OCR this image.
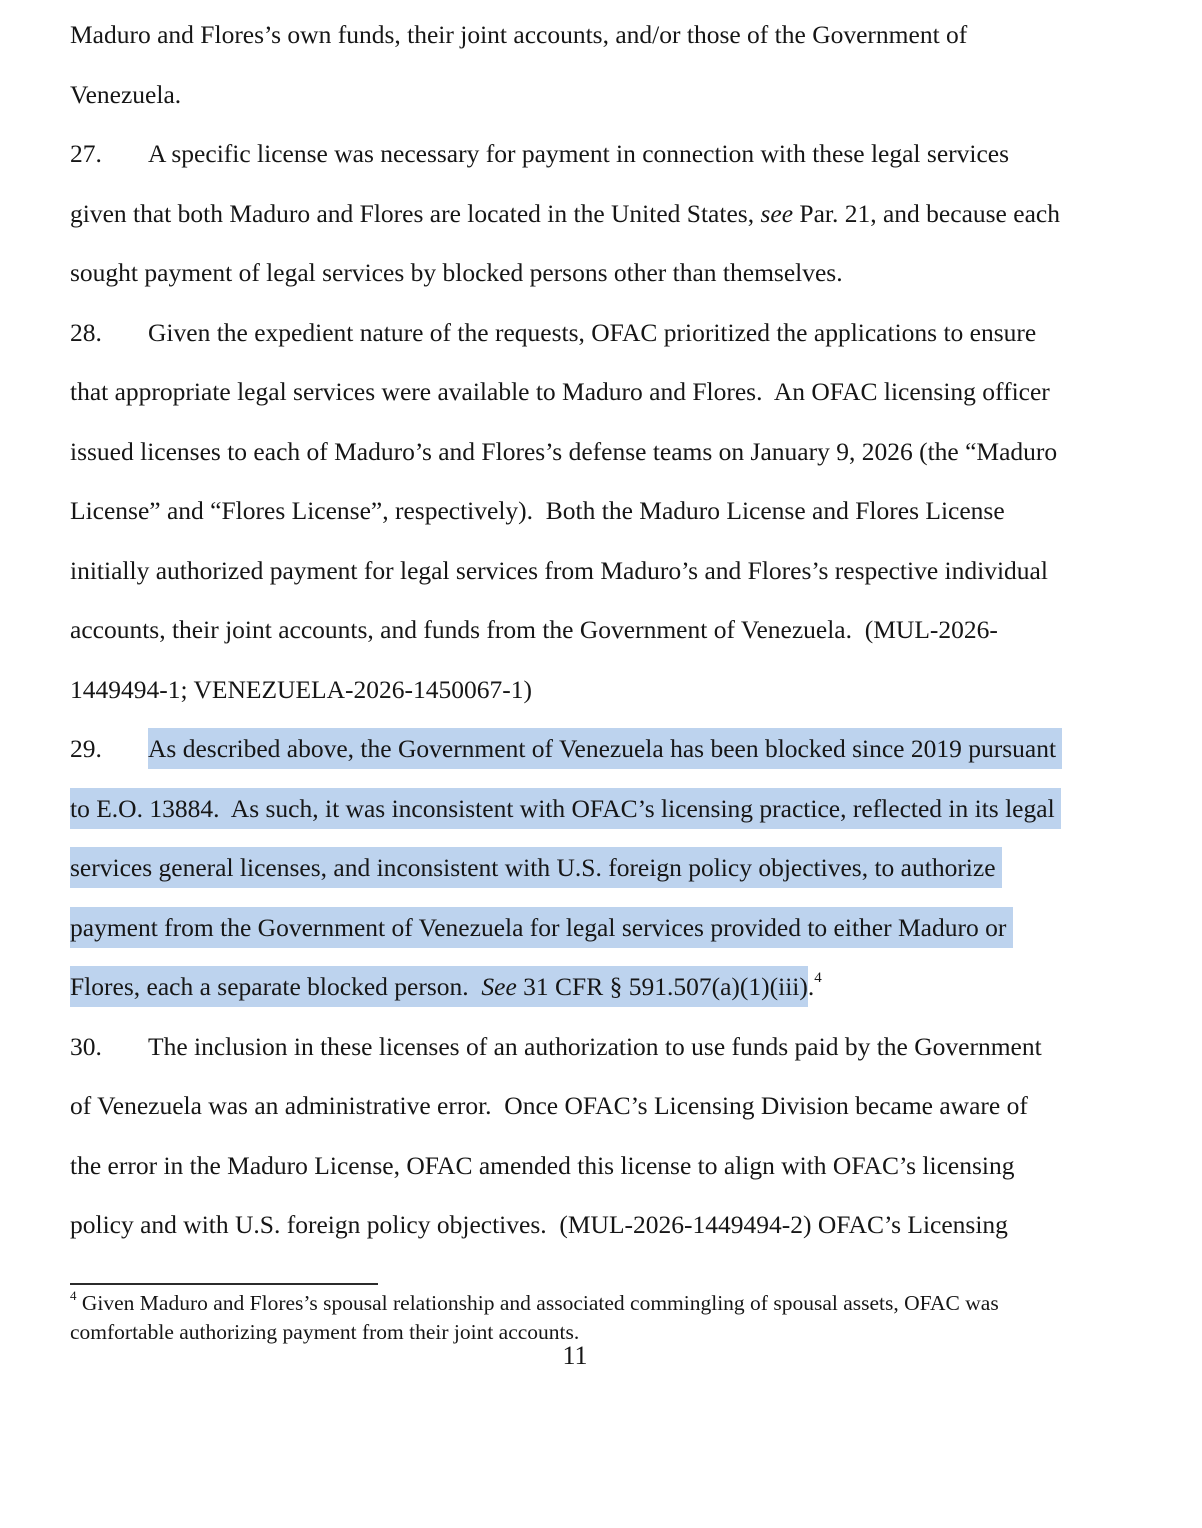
Maduro and Flores’s own funds, their joint accounts, and/or those of the Government of
Venezuela.
27. A specific license was necessary for payment in connection with these legal services
given that both Maduro and Flores are located in the United States, see Par. 21, and because each
sought payment of legal services by blocked persons other than themselves.
28. Given the expedient nature of the requests, OFAC prioritized the applications to ensure
that appropriate legal services were available to Maduro and Flores.  An OFAC licensing officer
issued licenses to each of Maduro’s and Flores’s defense teams on January 9, 2026 (the “Maduro
License” and “Flores License”, respectively).  Both the Maduro License and Flores License
initially authorized payment for legal services from Maduro’s and Flores’s respective individual
accounts, their joint accounts, and funds from the Government of Venezuela.  (MUL-2026-
1449494-1; VENEZUELA-2026-1450067-1)
29. As described above, the Government of Venezuela has been blocked since 2019 pursuant
to E.O. 13884.  As such, it was inconsistent with OFAC’s licensing practice, reflected in its legal
services general licenses, and inconsistent with U.S. foreign policy objectives, to authorize
payment from the Government of Venezuela for legal services provided to either Maduro or
Flores, each a separate blocked person.  See 31 CFR § 591.507(a)(1)(iii).$^4$
30. The inclusion in these licenses of an authorization to use funds paid by the Government
of Venezuela was an administrative error.  Once OFAC’s Licensing Division became aware of
the error in the Maduro License, OFAC amended this license to align with OFAC’s licensing
policy and with U.S. foreign policy objectives.  (MUL-2026-1449494-2) OFAC’s Licensing
$^4$ Given Maduro and Flores’s spousal relationship and associated commingling of spousal assets, OFAC was
comfortable authorizing payment from their joint accounts.
11
